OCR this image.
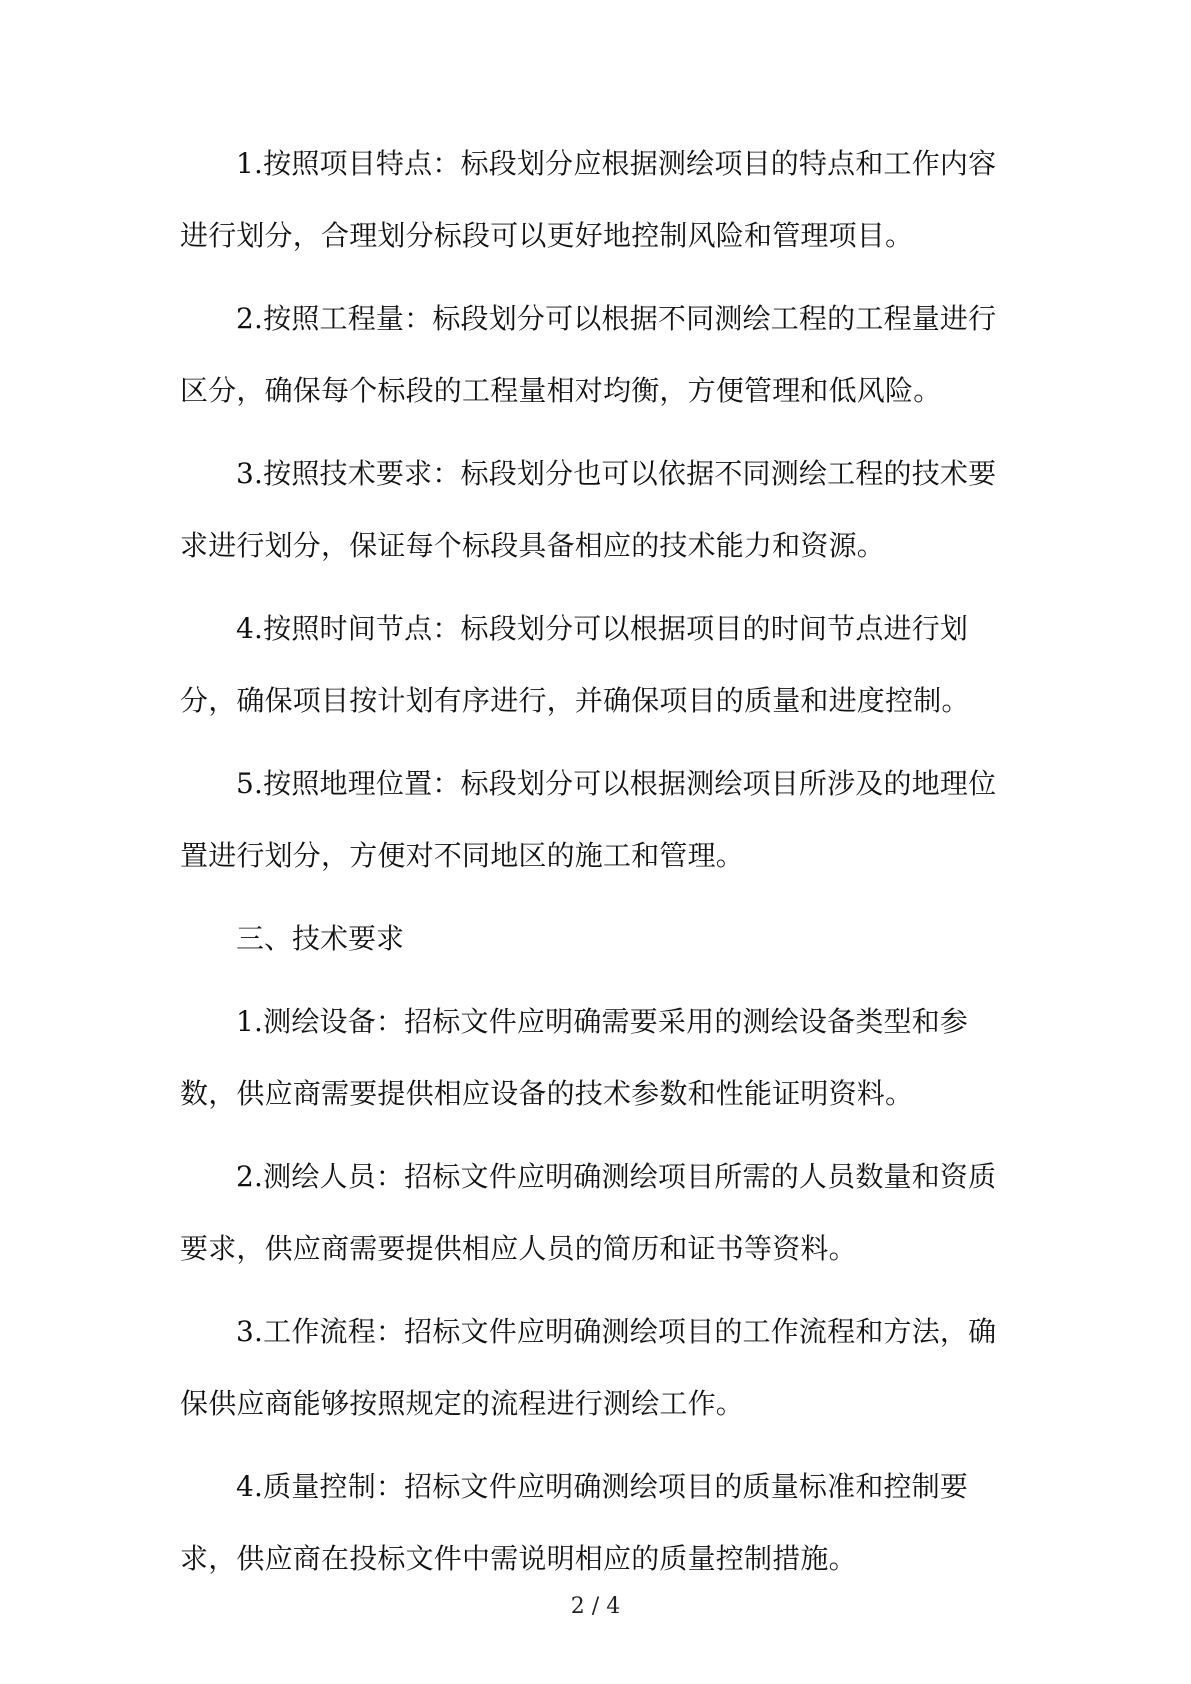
1.按照项目特点：标段划分应根据测绘项目的特点和工作内容
进行划分，合理划分标段可以更好地控制风险和管理项目。

2.按照工程量：标段划分可以根据不同测绘工程的工程量进行
区分，确保每个标段的工程量相对均衡，方便管理和低风险。

3.按照技术要求：标段划分也可以依据不同测绘工程的技术要
求进行划分，保证每个标段具备相应的技术能力和资源。

4.按照时间节点：标段划分可以根据项目的时间节点进行划
分，确保项目按计划有序进行，并确保项目的质量和进度控制。

5.按照地理位置：标段划分可以根据测绘项目所涉及的地理位
置进行划分，方便对不同地区的施工和管理。

三、技术要求

1.测绘设备：招标文件应明确需要采用的测绘设备类型和参
数，供应商需要提供相应设备的技术参数和性能证明资料。

2.测绘人员：招标文件应明确测绘项目所需的人员数量和资质
要求，供应商需要提供相应人员的简历和证书等资料。

3.工作流程：招标文件应明确测绘项目的工作流程和方法，确
保供应商能够按照规定的流程进行测绘工作。

4.质量控制：招标文件应明确测绘项目的质量标准和控制要
求，供应商在投标文件中需说明相应的质量控制措施。

2 / 4
